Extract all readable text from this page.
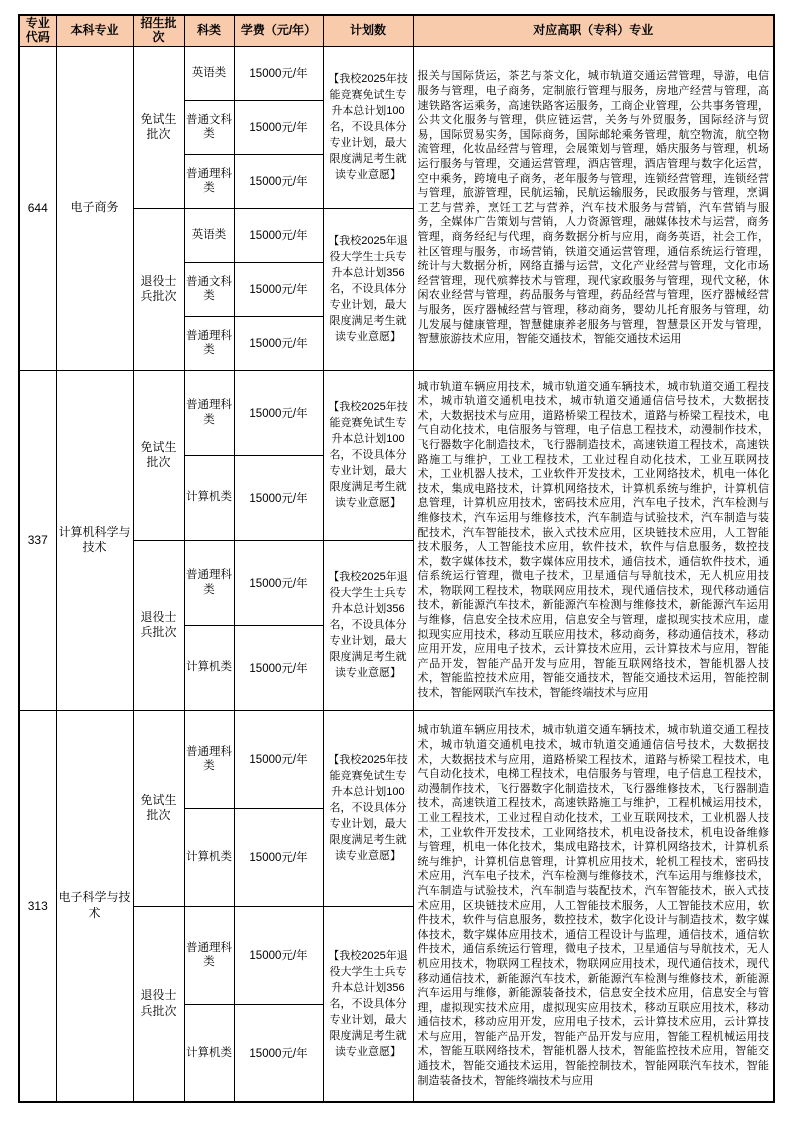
专业代码	本科专业	招生批次	科类	学费（元/年）	计划数	对应高职（专科）专业
644	电子商务	免试生批次	英语类	15000元/年	【我校2025年技能竞赛免试生专升本总计划100名，不设具体分专业计划，最大限度满足考生就读专业意愿】	报关与国际货运，茶艺与茶文化，城市轨道交通运营管理，导游，电信服务与管理，电子商务，定制旅行管理与服务，房地产经营与管理，高速铁路客运乘务，高速铁路客运服务，工商企业管理，公共事务管理，公共文化服务与管理，供应链运营，关务与外贸服务，国际经济与贸易，国际贸易实务，国际商务，国际邮轮乘务管理，航空物流，航空物流管理，化妆品经营与管理，会展策划与管理，婚庆服务与管理，机场运行服务与管理，交通运营管理，酒店管理，酒店管理与数字化运营，空中乘务，跨境电子商务，老年服务与管理，连锁经营管理，连锁经营与管理，旅游管理，民航运输，民航运输服务，民政服务与管理，烹调工艺与营养，烹饪工艺与营养，汽车技术服务与营销，汽车营销与服务，全媒体广告策划与营销，人力资源管理，融媒体技术与运营，商务管理，商务经纪与代理，商务数据分析与应用，商务英语，社会工作，社区管理与服务，市场营销，铁道交通运营管理，通信系统运行管理，统计与大数据分析，网络直播与运营，文化产业经营与管理，文化市场经营管理，现代殡葬技术与管理，现代家政服务与管理，现代文秘，休闲农业经营与管理，药品服务与管理，药品经营与管理，医疗器械经营与服务，医疗器械经营与管理，移动商务，婴幼儿托育服务与管理，幼儿发展与健康管理，智慧健康养老服务与管理，智慧景区开发与管理，智慧旅游技术应用，智能交通技术，智能交通技术运用
			普通文科类	15000元/年		
			普通理科类	15000元/年		
		退役士兵批次	英语类	15000元/年	【我校2025年退役大学生士兵专升本总计划356名，不设具体分专业计划，最大限度满足考生就读专业意愿】	
			普通文科类	15000元/年		
			普通理科类	15000元/年		
337	计算机科学与技术	免试生批次	普通理科类	15000元/年	【我校2025年技能竞赛免试生专升本总计划100名，不设具体分专业计划，最大限度满足考生就读专业意愿】	城市轨道车辆应用技术，城市轨道交通车辆技术，城市轨道交通工程技术，城市轨道交通机电技术，城市轨道交通通信信号技术，大数据技术，大数据技术与应用，道路桥梁工程技术，道路与桥梁工程技术，电气自动化技术，电信服务与管理，电子信息工程技术，动漫制作技术，飞行器数字化制造技术，飞行器制造技术，高速铁道工程技术，高速铁路施工与维护，工业工程技术，工业过程自动化技术，工业互联网技术，工业机器人技术，工业软件开发技术，工业网络技术，机电一体化技术，集成电路技术，计算机网络技术，计算机系统与维护，计算机信息管理，计算机应用技术，密码技术应用，汽车电子技术，汽车检测与维修技术，汽车运用与维修技术，汽车制造与试验技术，汽车制造与装配技术，汽车智能技术，嵌入式技术应用，区块链技术应用，人工智能技术服务，人工智能技术应用，软件技术，软件与信息服务，数控技术，数字媒体技术，数字媒体应用技术，通信技术，通信软件技术，通信系统运行管理，微电子技术，卫星通信与导航技术，无人机应用技术，物联网工程技术，物联网应用技术，现代通信技术，现代移动通信技术，新能源汽车技术，新能源汽车检测与维修技术，新能源汽车运用与维修，信息安全技术应用，信息安全与管理，虚拟现实技术应用，虚拟现实应用技术，移动互联应用技术，移动商务，移动通信技术，移动应用开发，应用电子技术，云计算技术应用，云计算技术与应用，智能产品开发，智能产品开发与应用，智能互联网络技术，智能机器人技术，智能监控技术应用，智能交通技术，智能交通技术运用，智能控制技术，智能网联汽车技术，智能终端技术与应用
			计算机类	15000元/年		
		退役士兵批次	普通理科类	15000元/年	【我校2025年退役大学生士兵专升本总计划356名，不设具体分专业计划，最大限度满足考生就读专业意愿】	
			计算机类	15000元/年		
313	电子科学与技术	免试生批次	普通理科类	15000元/年	【我校2025年技能竞赛免试生专升本总计划100名，不设具体分专业计划，最大限度满足考生就读专业意愿】	城市轨道车辆应用技术，城市轨道交通车辆技术，城市轨道交通工程技术，城市轨道交通机电技术，城市轨道交通通信信号技术，大数据技术，大数据技术与应用，道路桥梁工程技术，道路与桥梁工程技术，电气自动化技术，电梯工程技术，电信服务与管理，电子信息工程技术，动漫制作技术，飞行器数字化制造技术，飞行器维修技术，飞行器制造技术，高速铁道工程技术，高速铁路施工与维护，工程机械运用技术，工业工程技术，工业过程自动化技术，工业互联网技术，工业机器人技术，工业软件开发技术，工业网络技术，机电设备技术，机电设备维修与管理，机电一体化技术，集成电路技术，计算机网络技术，计算机系统与维护，计算机信息管理，计算机应用技术，轮机工程技术，密码技术应用，汽车电子技术，汽车检测与维修技术，汽车运用与维修技术，汽车制造与试验技术，汽车制造与装配技术，汽车智能技术，嵌入式技术应用，区块链技术应用，人工智能技术服务，人工智能技术应用，软件技术，软件与信息服务，数控技术，数字化设计与制造技术，数字媒体技术，数字媒体应用技术，通信工程设计与监理，通信技术，通信软件技术，通信系统运行管理，微电子技术，卫星通信与导航技术，无人机应用技术，物联网工程技术，物联网应用技术，现代通信技术，现代移动通信技术，新能源汽车技术，新能源汽车检测与维修技术，新能源汽车运用与维修，新能源装备技术，信息安全技术应用，信息安全与管理，虚拟现实技术应用，虚拟现实应用技术，移动互联应用技术，移动通信技术，移动应用开发，应用电子技术，云计算技术应用，云计算技术与应用，智能产品开发，智能产品开发与应用，智能工程机械运用技术，智能互联网络技术，智能机器人技术，智能监控技术应用，智能交通技术，智能交通技术运用，智能控制技术，智能网联汽车技术，智能制造装备技术，智能终端技术与应用
			计算机类	15000元/年		
		退役士兵批次	普通理科类	15000元/年	【我校2025年退役大学生士兵专升本总计划356名，不设具体分专业计划，最大限度满足考生就读专业意愿】	
			计算机类	15000元/年		
